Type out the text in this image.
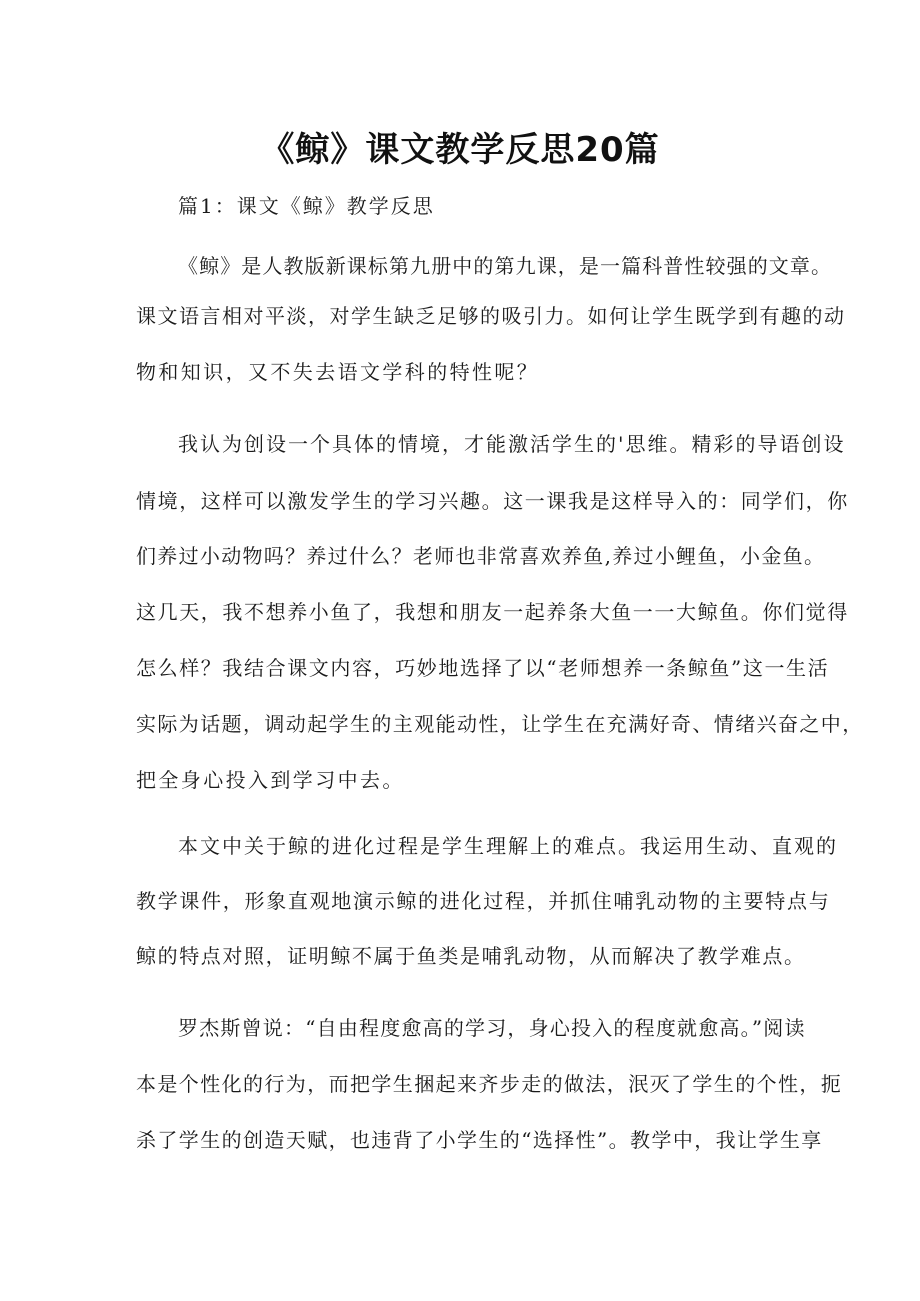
《鲸》课文教学反思20篇
篇1：课文《鲸》教学反思
《鲸》是人教版新课标第九册中的第九课，是一篇科普性较强的文章。
课文语言相对平淡，对学生缺乏足够的吸引力。如何让学生既学到有趣的动
物和知识，又不失去语文学科的特性呢？
我认为创设一个具体的情境，才能激活学生的'思维。精彩的导语创设
情境，这样可以激发学生的学习兴趣。这一课我是这样导入的：同学们，你
们养过小动物吗？养过什么？老师也非常喜欢养鱼,养过小鲤鱼，小金鱼。
这几天，我不想养小鱼了，我想和朋友一起养条大鱼一一大鲸鱼。你们觉得
怎么样？我结合课文内容，巧妙地选择了以“老师想养一条鲸鱼”这一生活
实际为话题，调动起学生的主观能动性，让学生在充满好奇、情绪兴奋之中，
把全身心投入到学习中去。
本文中关于鲸的进化过程是学生理解上的难点。我运用生动、直观的
教学课件，形象直观地演示鲸的进化过程，并抓住哺乳动物的主要特点与
鲸的特点对照，证明鲸不属于鱼类是哺乳动物，从而解决了教学难点。
罗杰斯曾说：“自由程度愈高的学习，身心投入的程度就愈高。”阅读
本是个性化的行为，而把学生捆起来齐步走的做法，泯灭了学生的个性，扼
杀了学生的创造天赋，也违背了小学生的“选择性”。教学中，我让学生享
